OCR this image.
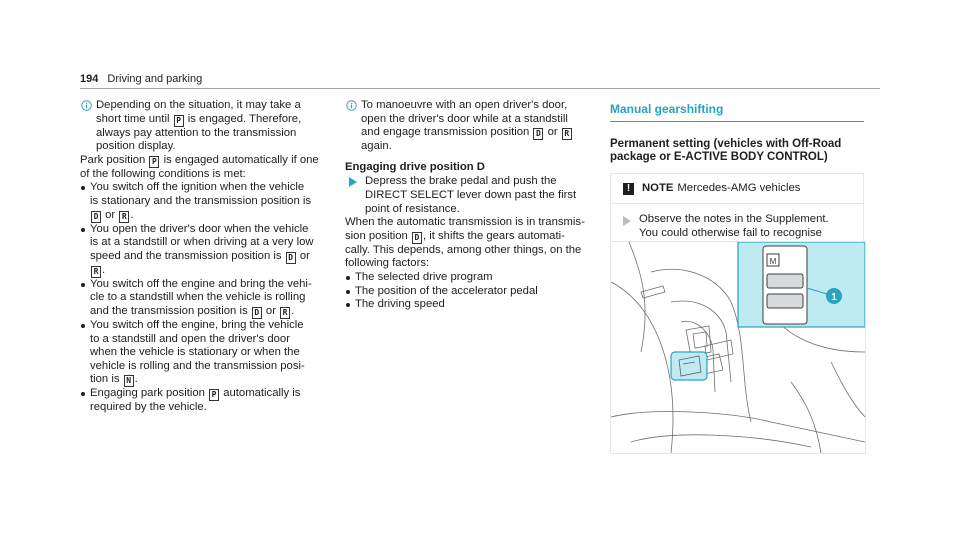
194 Driving and parking
Depending on the situation, it may take a
short time until P is engaged. Therefore,
always pay attention to the transmission
position display.
Park position P is engaged automatically if one
of the following conditions is met:
You switch off the ignition when the vehicle
is stationary and the transmission position is
D or R .
You open the driver's door when the vehicle
is at a standstill or when driving at a very low
speed and the transmission position is D or
R .
You switch off the engine and bring the vehi-
cle to a standstill when the vehicle is rolling
and the transmission position is D or R .
You switch off the engine, bring the vehicle
to a standstill and open the driver's door
when the vehicle is stationary or when the
vehicle is rolling and the transmission posi-
tion is N .
Engaging park position P automatically is
required by the vehicle.
To manoeuvre with an open driver's door,
open the driver's door while at a standstill
and engage transmission position D or R
again.
Engaging drive position D
Depress the brake pedal and push the
DIRECT SELECT lever down past the first
point of resistance.
When the automatic transmission is in transmis-
sion position D , it shifts the gears automati-
cally. This depends, among other things, on the
following factors:
The selected drive program
The position of the accelerator pedal
The driving speed
Manual gearshifting
Permanent setting (vehicles with Off-Road
package or E-ACTIVE BODY CONTROL)
!	NOTE Mercedes-AMG vehicles
Observe the notes in the Supplement.
You could otherwise fail to recognise
M
1
